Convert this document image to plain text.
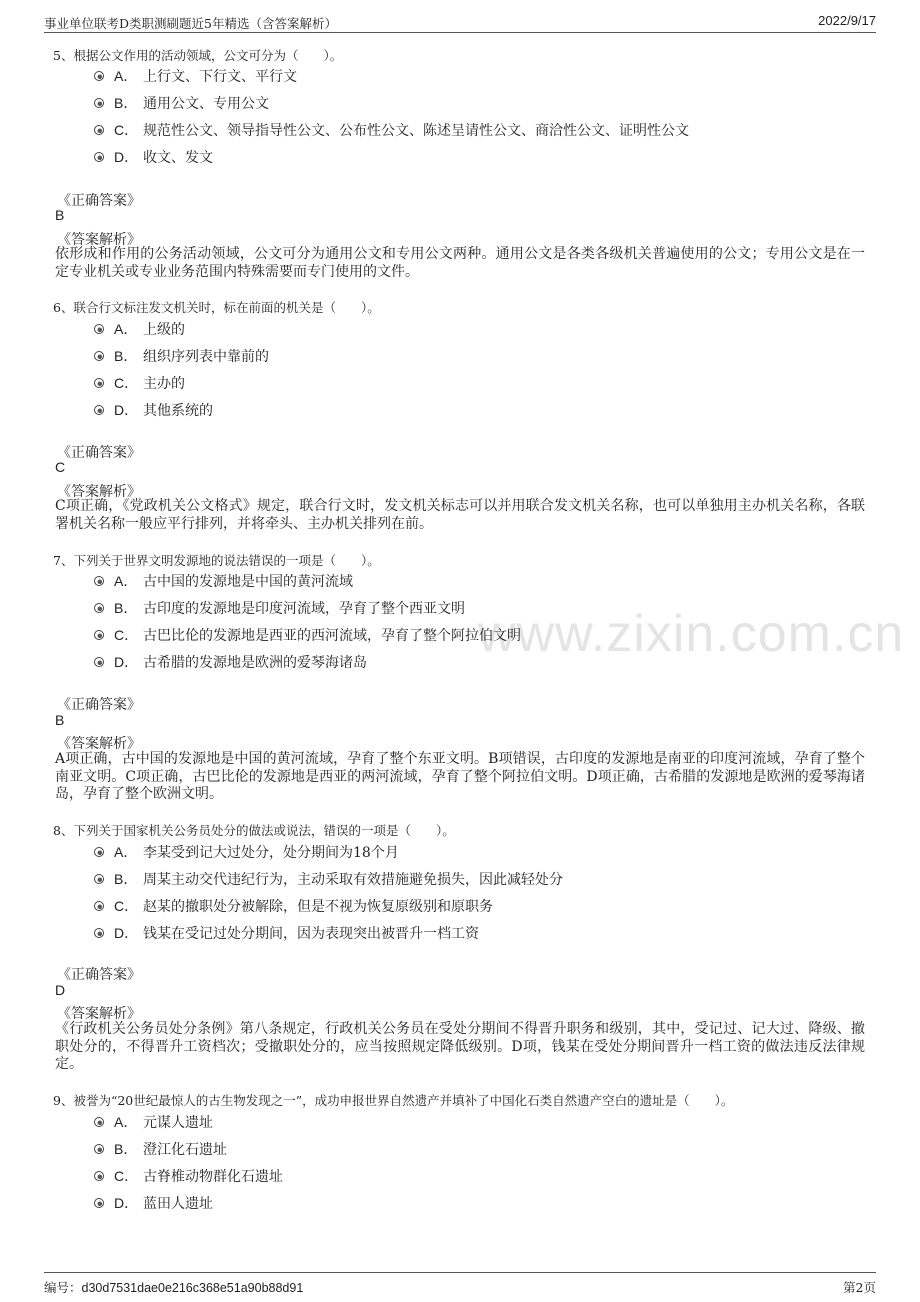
事业单位联考D类职测刷题近5年精选（含答案解析）	2022/9/17
www.zixin.com.cn
5、根据公文作用的活动领域，公文可分为（　　）。
A． 上行文、下行文、平行文
B． 通用公文、专用公文
C． 规范性公文、领导指导性公文、公布性公文、陈述呈请性公文、商洽性公文、证明性公文
D． 收文、发文
《正确答案》
B
《答案解析》
依形成和作用的公务活动领域，公文可分为通用公文和专用公文两种。通用公文是各类各级机关普遍使用的公文；专用公文是在一定专业机关或专业业务范围内特殊需要而专门使用的文件。
6、联合行文标注发文机关时，标在前面的机关是（　　）。
A． 上级的
B． 组织序列表中靠前的
C． 主办的
D． 其他系统的
《正确答案》
C
《答案解析》
C项正确，《党政机关公文格式》规定，联合行文时，发文机关标志可以并用联合发文机关名称，也可以单独用主办机关名称，各联署机关名称一般应平行排列，并将牵头、主办机关排列在前。
7、下列关于世界文明发源地的说法错误的一项是（　　）。
A． 古中国的发源地是中国的黄河流域
B． 古印度的发源地是印度河流域，孕育了整个西亚文明
C． 古巴比伦的发源地是西亚的西河流域，孕育了整个阿拉伯文明
D． 古希腊的发源地是欧洲的爱琴海诸岛
《正确答案》
B
《答案解析》
A项正确，古中国的发源地是中国的黄河流域，孕育了整个东亚文明。B项错误，古印度的发源地是南亚的印度河流域，孕育了整个南亚文明。C项正确，古巴比伦的发源地是西亚的两河流域，孕育了整个阿拉伯文明。D项正确，古希腊的发源地是欧洲的爱琴海诸岛，孕育了整个欧洲文明。
8、下列关于国家机关公务员处分的做法或说法，错误的一项是（　　）。
A． 李某受到记大过处分，处分期间为18个月
B． 周某主动交代违纪行为，主动采取有效措施避免损失，因此减轻处分
C． 赵某的撤职处分被解除，但是不视为恢复原级别和原职务
D． 钱某在受记过处分期间，因为表现突出被晋升一档工资
《正确答案》
D
《答案解析》
《行政机关公务员处分条例》第八条规定，行政机关公务员在受处分期间不得晋升职务和级别，其中，受记过、记大过、降级、撤职处分的，不得晋升工资档次；受撤职处分的，应当按照规定降低级别。D项，钱某在受处分期间晋升一档工资的做法违反法律规定。
9、被誉为“20世纪最惊人的古生物发现之一”，成功申报世界自然遗产并填补了中国化石类自然遗产空白的遗址是（　　）。
A． 元谋人遗址
B． 澄江化石遗址
C． 古脊椎动物群化石遗址
D． 蓝田人遗址
编号：d30d7531dae0e216c368e51a90b88d91	第2页
